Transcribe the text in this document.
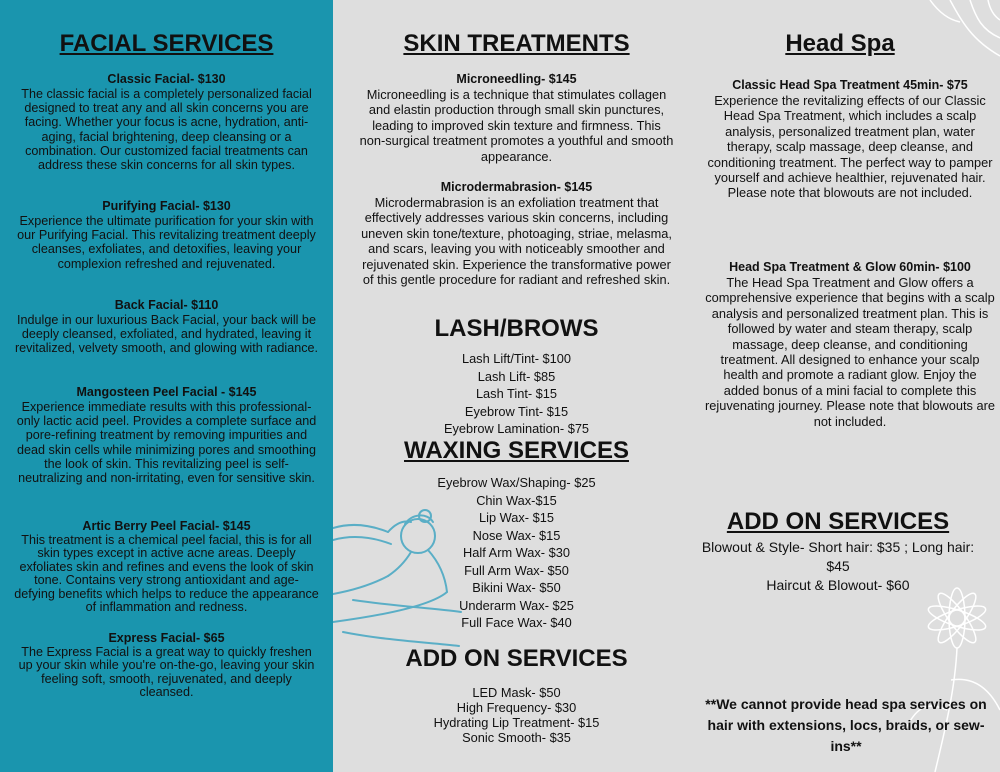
FACIAL SERVICES
Classic Facial- $130
The classic facial is a completely personalized facial designed to treat any and all skin concerns you are facing. Whether your focus is acne, hydration, anti-aging, facial brightening, deep cleansing or a combination. Our customized facial treatments can address these skin concerns for all skin types.
Purifying Facial- $130
Experience the ultimate purification for your skin with our Purifying Facial. This revitalizing treatment deeply cleanses, exfoliates, and detoxifies, leaving your complexion refreshed and rejuvenated.
Back Facial- $110
Indulge in our luxurious Back Facial, your back will be deeply cleansed, exfoliated, and hydrated, leaving it revitalized, velvety smooth, and glowing with radiance.
Mangosteen Peel Facial - $145
Experience immediate results with this professional-only lactic acid peel. Provides a complete surface and pore-refining treatment by removing impurities and dead skin cells while minimizing pores and smoothing the look of skin. This revitalizing peel is self-neutralizing and non-irritating, even for sensitive skin.
Artic Berry Peel Facial- $145
This treatment is a chemical peel facial, this is for all skin types except in active acne areas. Deeply exfoliates skin and refines and evens the look of skin tone. Contains very strong antioxidant and age-defying benefits which helps to reduce the appearance of inflammation and redness.
Express Facial- $65
The Express Facial is a great way to quickly freshen up your skin while you're on-the-go, leaving your skin feeling soft, smooth, rejuvenated, and deeply cleansed.
SKIN TREATMENTS
Microneedling- $145
Microneedling is a technique that stimulates collagen and elastin production through small skin punctures, leading to improved skin texture and firmness. This non-surgical treatment promotes a youthful and smooth appearance.
Microdermabrasion- $145
Microdermabrasion is an exfoliation treatment that effectively addresses various skin concerns, including uneven skin tone/texture, photoaging, striae, melasma, and scars, leaving you with noticeably smoother and rejuvenated skin. Experience the transformative power of this gentle procedure for radiant and refreshed skin.
LASH/BROWS
Lash Lift/Tint- $100
Lash Lift- $85
Lash Tint- $15
Eyebrow Tint- $15
Eyebrow Lamination- $75
WAXING SERVICES
Eyebrow Wax/Shaping- $25
Chin Wax-$15
Lip Wax- $15
Nose Wax- $15
Half Arm Wax- $30
Full Arm Wax- $50
Bikini Wax- $50
Underarm Wax- $25
Full Face Wax- $40
ADD ON SERVICES
LED Mask- $50
High Frequency- $30
Hydrating Lip Treatment- $15
Sonic Smooth- $35
Head Spa
Classic Head Spa Treatment 45min- $75
Experience the revitalizing effects of our Classic Head Spa Treatment, which includes a scalp analysis, personalized treatment plan, water therapy, scalp massage, deep cleanse, and conditioning treatment. The perfect way to pamper yourself and achieve healthier, rejuvenated hair. Please note that blowouts are not included.
Head Spa Treatment & Glow 60min- $100
The Head Spa Treatment and Glow offers a comprehensive experience that begins with a scalp analysis and personalized treatment plan. This is followed by water and steam therapy, scalp massage, deep cleanse, and conditioning treatment. All designed to enhance your scalp health and promote a radiant glow. Enjoy the added bonus of a mini facial to complete this rejuvenating journey. Please note that blowouts are not included.
ADD ON SERVICES
Blowout & Style- Short hair: $35 ; Long hair: $45
Haircut & Blowout- $60
**We cannot provide head spa services on hair with extensions, locs, braids, or sew-ins**
